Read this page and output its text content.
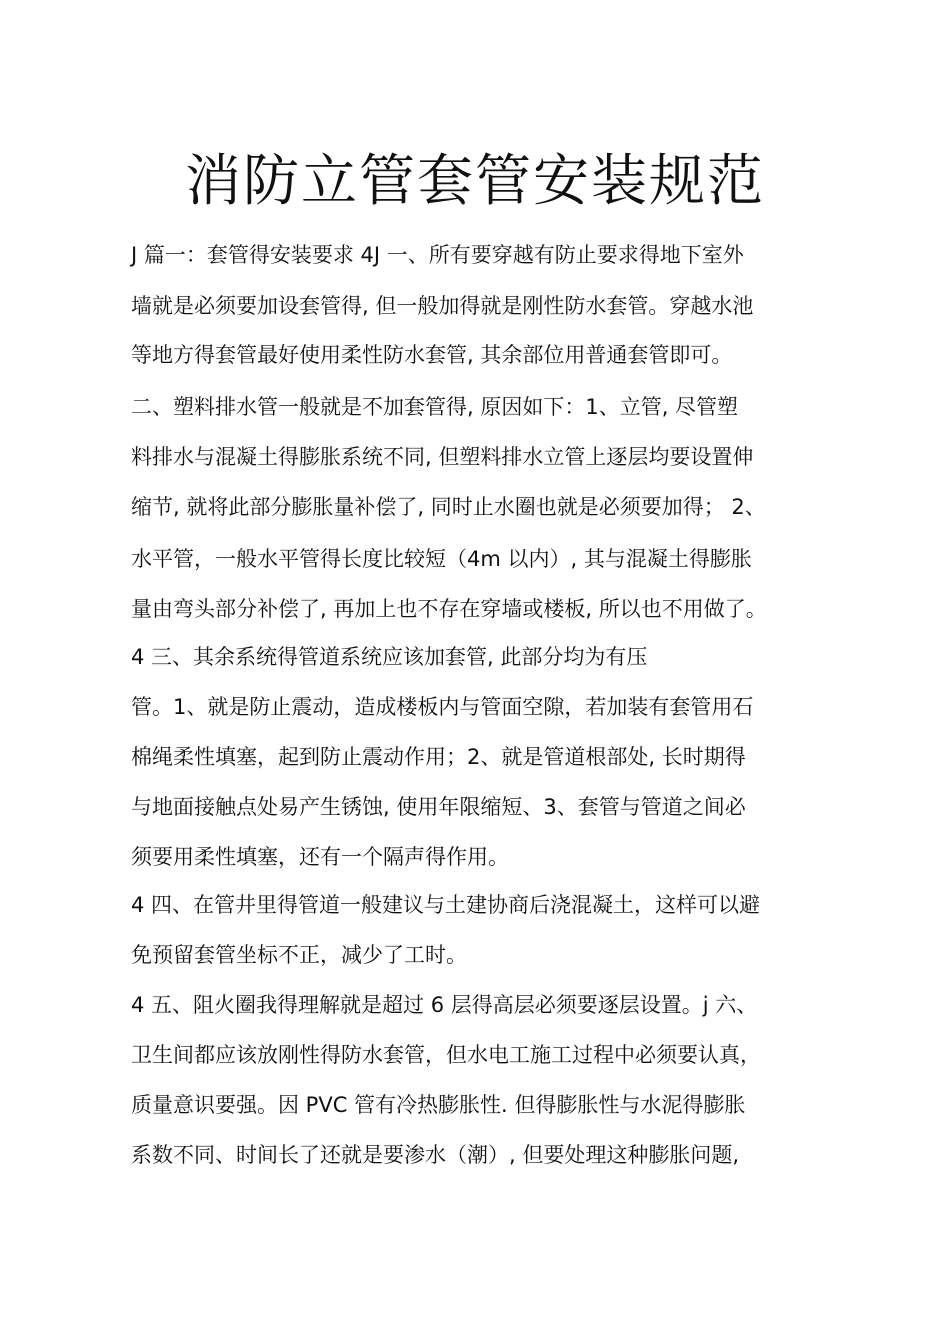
消防立管套管安装规范
J 篇一：套管得安装要求 4J 一、所有要穿越有防止要求得地下室外
墙就是必须要加设套管得, 但一般加得就是刚性防水套管。穿越水池
等地方得套管最好使用柔性防水套管, 其余部位用普通套管即可。
二、塑料排水管一般就是不加套管得, 原因如下：1、立管, 尽管塑
料排水与混凝土得膨胀系统不同, 但塑料排水立管上逐层均要设置伸
缩节, 就将此部分膨胀量补偿了, 同时止水圈也就是必须要加得； 2、
水平管，一般水平管得长度比较短（4m 以内）, 其与混凝土得膨胀
量由弯头部分补偿了, 再加上也不存在穿墙或楼板, 所以也不用做了。
4 三、其余系统得管道系统应该加套管, 此部分均为有压
管。1、就是防止震动，造成楼板内与管面空隙，若加装有套管用石
棉绳柔性填塞，起到防止震动作用；2、就是管道根部处, 长时期得
与地面接触点处易产生锈蚀, 使用年限缩短、3、套管与管道之间必
须要用柔性填塞，还有一个隔声得作用。
4 四、在管井里得管道一般建议与土建协商后浇混凝土，这样可以避
免预留套管坐标不正，减少了工时。
4 五、阻火圈我得理解就是超过 6 层得高层必须要逐层设置。j 六、
卫生间都应该放刚性得防水套管，但水电工施工过程中必须要认真，
质量意识要强。因 PVC 管有冷热膨胀性. 但得膨胀性与水泥得膨胀
系数不同、时间长了还就是要渗水（潮）, 但要处理这种膨胀问题,
